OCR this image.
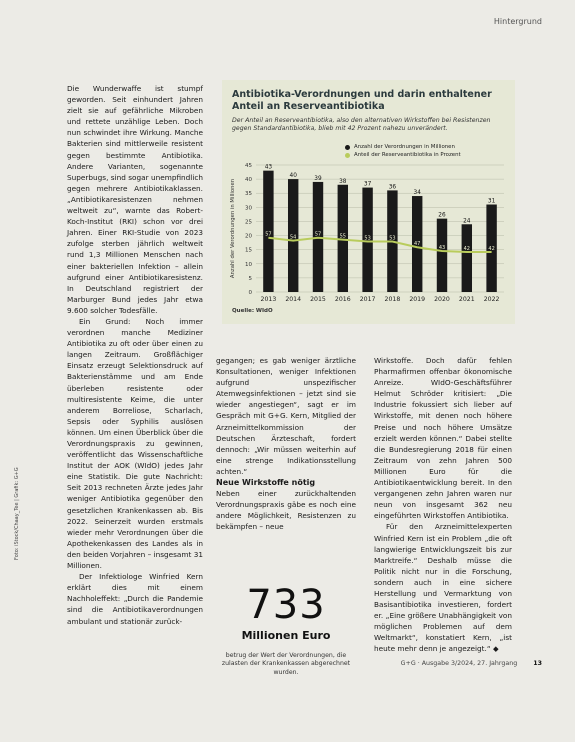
Hintergrund

Die Wunderwaffe ist stumpf geworden. Seit einhundert Jahren zielt sie auf gefährliche Mikroben und rettete unzählige Leben. Doch nun schwindet ihre Wirkung. Manche Bakterien sind mittlerweile resistent gegen bestimmte Antibiotika. Andere Varianten, sogenannte Superbugs, sind sogar unempfindlich gegen mehrere Antibiotikaklassen. „Antibiotikaresistenzen nehmen weltweit zu“, warnte das Robert-Koch-Institut (RKI) schon vor drei Jahren. Einer RKI-Studie von 2023 zufolge sterben jährlich weltweit rund 1,3 Millionen Menschen nach einer bakteriellen Infektion – allein aufgrund einer Antibiotikaresistenz. In Deutschland registriert der Marburger Bund jedes Jahr etwa 9.600 solcher Todesfälle.

Ein Grund: Noch immer verordnen manche Mediziner Antibiotika zu oft oder über einen zu langen Zeitraum. Großflächiger Einsatz erzeugt Selektionsdruck auf Bakterienstämme und am Ende überleben resistente oder multiresistente Keime, die unter anderem Borreliose, Scharlach, Sepsis oder Syphilis auslösen können. Um einen Überblick über die Verordnungspraxis zu gewinnen, veröffentlicht das Wissenschaftliche Institut der AOK (WIdO) jedes Jahr eine Statistik. Die gute Nachricht: Seit 2013 rechneten Ärzte jedes Jahr weniger Antibiotika gegenüber den gesetzlichen Krankenkassen ab. Bis 2022. Seinerzeit wurden erstmals wieder mehr Verordnungen über die Apothekenkassen des Landes als in den beiden Vorjahren – insgesamt 31 Millionen.

Der Infektiologe Winfried Kern erklärt dies mit einem Nachholeffekt: „Durch die Pandemie sind die Antibiotikaverordnungen ambulant und stationär zurück-

Antibiotika-Verordnungen und darin enthaltener Anteil an Reserveantibiotika
Der Anteil an Reserveantibiotika, also den alternativen Wirkstoffen bei Resistenzen gegen Standardantibiotika, blieb mit 42 Prozent nahezu unverändert.
Anzahl der Verordnungen in Millionen
Anteil der Reserveantibiotika in Prozent
0
5
10
15
20
25
30
35
40
45
Anzahl der Verordnungen in Millionen
43
2013
40
2014
39
2015
38
2016
37
2017
36
2018
34
2019
26
2020
24
2021
31
2022
57	54	57	55	53	53
47
43	42	42
Quelle: WIdO

gegangen; es gab weniger ärztliche Konsultationen, weniger Infektionen aufgrund unspezifischer Atemwegsinfektionen – jetzt sind sie wieder angestiegen“, sagt er im Gespräch mit G+G. Kern, Mitglied der Arzneimittelkommission der Deutschen Ärzteschaft, fordert dennoch: „Wir müssen weiterhin auf eine strenge Indikationsstellung achten.“

Neue Wirkstoffe nötig

Neben einer zurückhaltenden Verordnungspraxis gäbe es noch eine andere Möglichkeit, Resistenzen zu bekämpfen – neue

733
Millionen Euro
betrug der Wert der Verordnungen, die zulasten der Krankenkassen abgerechnet wurden.

Wirkstoffe. Doch dafür fehlen Pharmafirmen offenbar ökonomische Anreize. WIdO-Geschäftsführer Helmut Schröder kritisiert: „Die Industrie fokussiert sich lieber auf Wirkstoffe, mit denen noch höhere Preise und noch höhere Umsätze erzielt werden können.“ Dabei stellte die Bundesregierung 2018 für einen Zeitraum von zehn Jahren 500 Millionen Euro für die Antibiotikaentwicklung bereit. In den vergangenen zehn Jahren waren nur neun von insgesamt 362 neu eingeführten Wirkstoffen Antibiotika.

Für den Arzneimittelexperten Winfried Kern ist ein Problem „die oft langwierige Entwicklungszeit bis zur Marktreife.“ Deshalb müsse die Politik nicht nur in die Forschung, sondern auch in eine sichere Herstellung und Vermarktung von Basisantibiotika investieren, fordert er. „Eine größere Unabhängigkeit von möglichen Problemen auf dem Weltmarkt“, konstatiert Kern, „ist heute mehr denn je angezeigt.“ ◆

Foto: iStock/Chaay_Tee | Grafik: G+G
G+G · Ausgabe 3/2024, 27. Jahrgang	13
